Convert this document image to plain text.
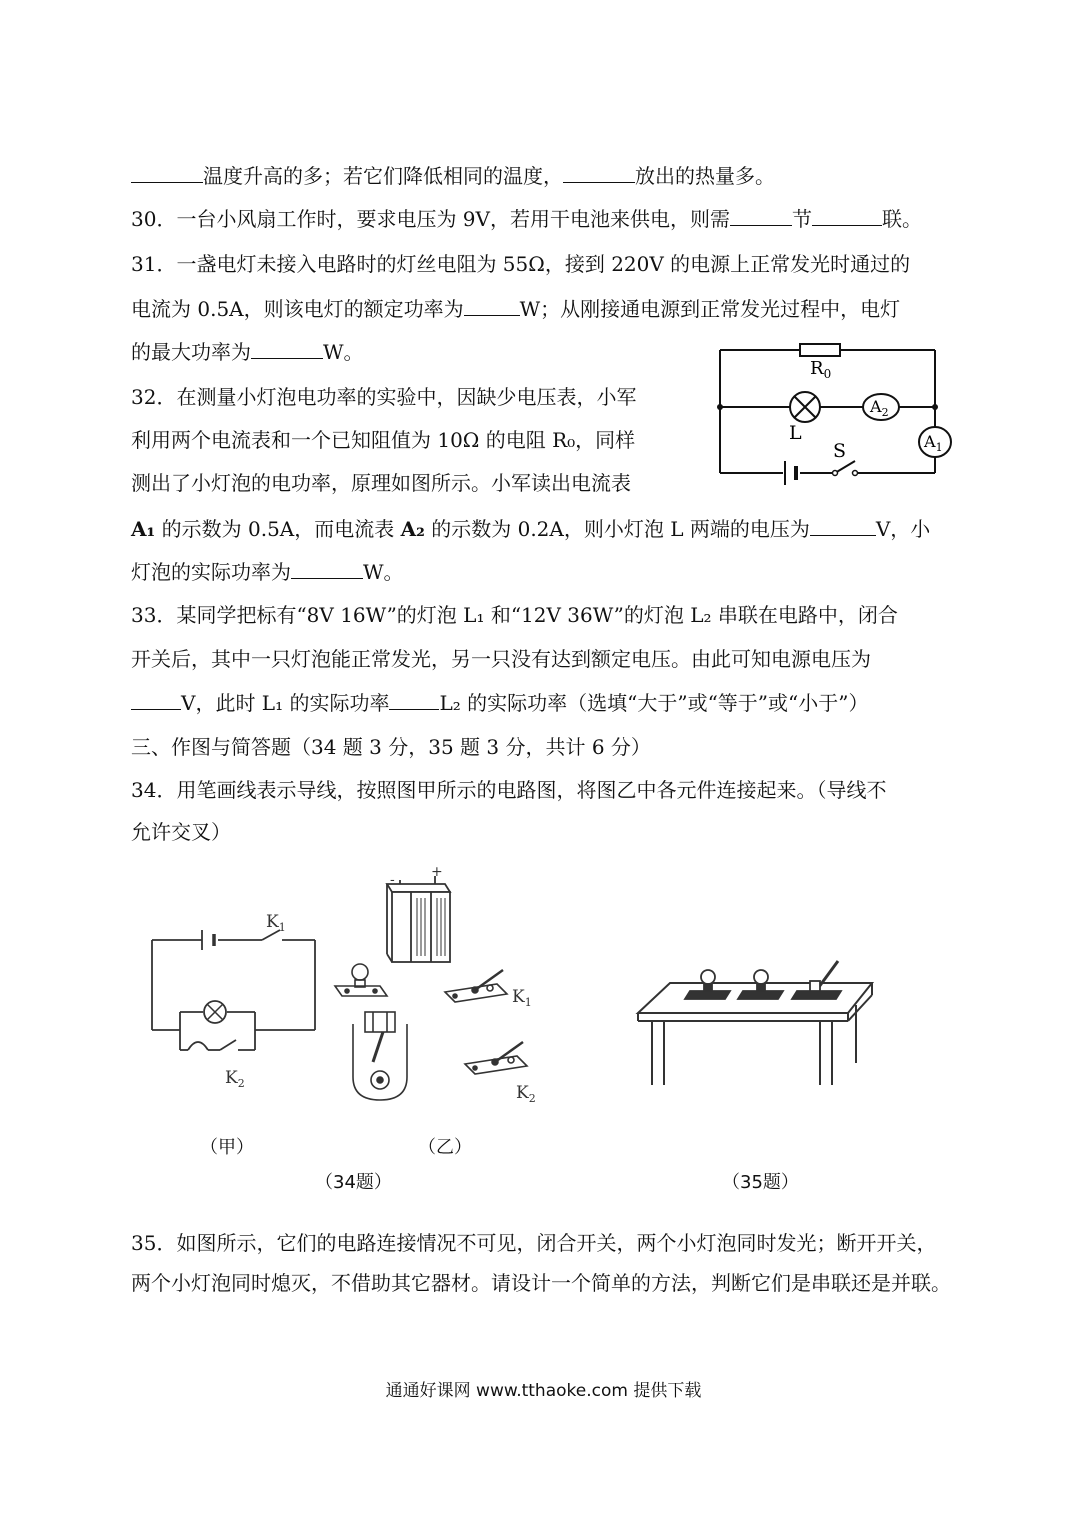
温度升高的多；若它们降低相同的温度，	放出的热量多。
30．一台小风扇工作时，要求电压为 9V，若用干电池来供电，则需	节	联。
31．一盏电灯未接入电路时的灯丝电阻为 55Ω，接到 220V 的电源上正常发光时通过的
电流为 0.5A，则该电灯的额定功率为	W；从刚接通电源到正常发光过程中，电灯
的最大功率为	W。
32．在测量小灯泡电功率的实验中，因缺少电压表，小军
利用两个电流表和一个已知阻值为 10Ω 的电阻 R₀，同样
测出了小灯泡的电功率，原理如图所示。小军读出电流表
A₁ 的示数为 0.5A，而电流表 A₂ 的示数为 0.2A，则小灯泡 L 两端的电压为	V，小
灯泡的实际功率为	W。
33．某同学把标有“8V 16W”的灯泡 L₁ 和“12V 36W”的灯泡 L₂ 串联在电路中，闭合
开关后，其中一只灯泡能正常发光，另一只没有达到额定电压。由此可知电源电压为
V，此时 L₁ 的实际功率	L₂ 的实际功率（选填“大于”或“等于”或“小于”）
三、作图与简答题（34 题 3 分，35 题 3 分，共计 6 分）
34．用笔画线表示导线，按照图甲所示的电路图，将图乙中各元件连接起来。（导线不
允许交叉）
35．如图所示，它们的电路连接情况不可见，闭合开关，两个小灯泡同时发光；断开开关，
两个小灯泡同时熄灭，不借助其它器材。请设计一个简单的方法，判断它们是串联还是并联。
$R_0$
$A_2$
$A_1$
L
S
$K_1$
$K_2$
-	+
$K_1$
$K_2$
（甲）	（乙）
（34题）	（35题）
通通好课网 www.tthaoke.com 提供下载
